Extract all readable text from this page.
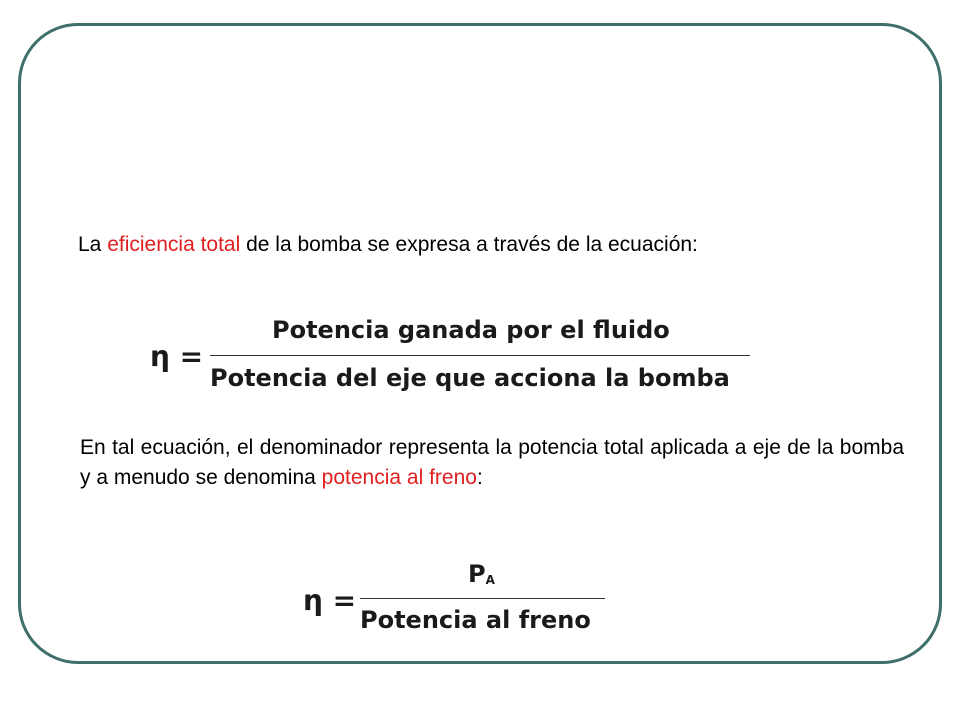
La eficiencia total de la bomba se expresa a través de la ecuación:
η =
Potencia ganada por el fluido
Potencia del eje que acciona la bomba
En tal ecuación, el denominador representa la potencia total aplicada a eje de la bomba y a menudo se denomina potencia al freno:
η =
$P_A$
Potencia al freno
